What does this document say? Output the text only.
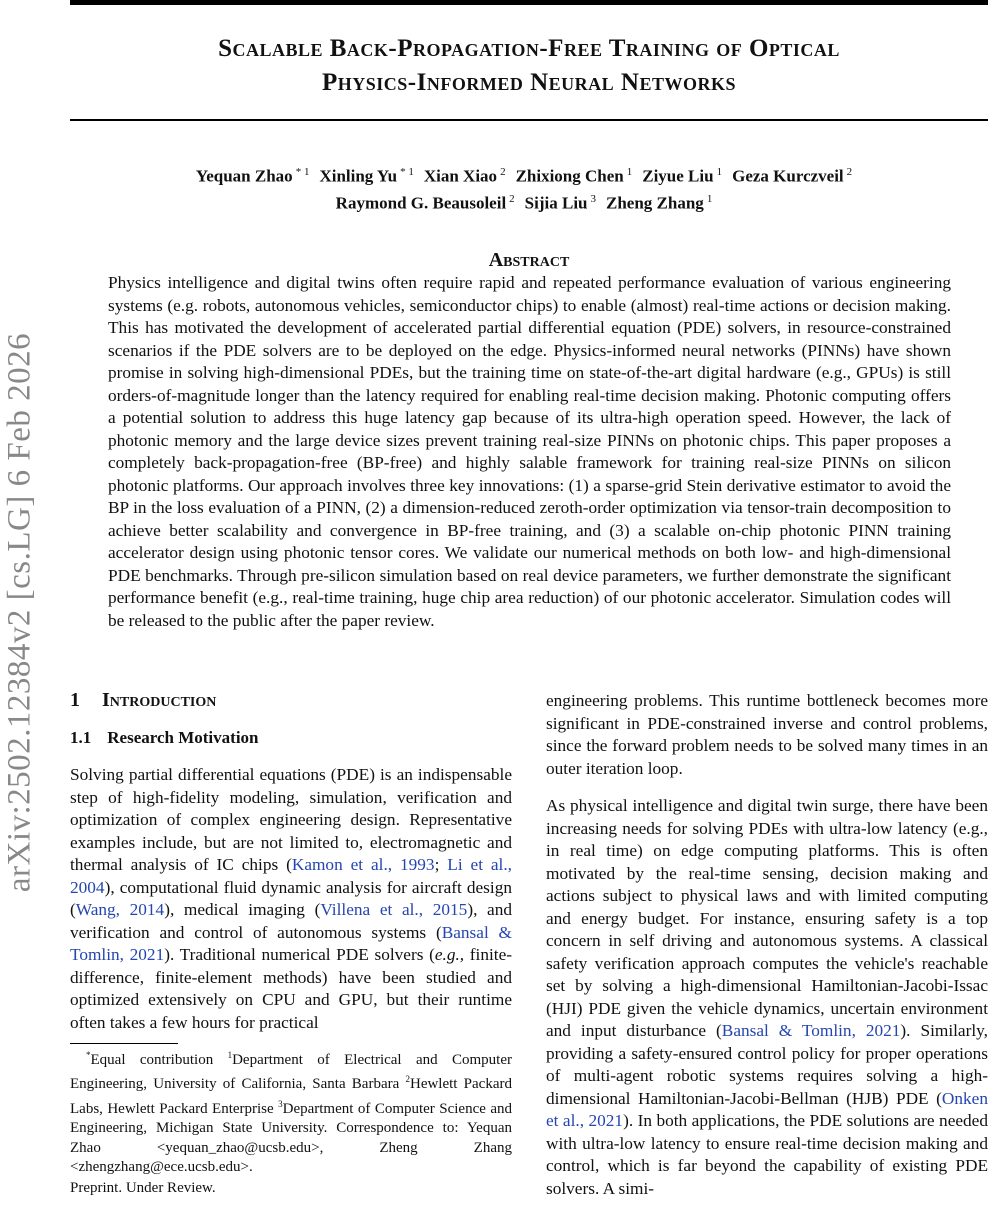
arXiv:2502.12384v2 [cs.LG] 6 Feb 2026
Scalable Back-Propagation-Free Training of Optical
Physics-Informed Neural Networks
Yequan Zhao $^{* 1}$ Xinling Yu $^{* 1}$ Xian Xiao $^2$ Zhixiong Chen $^1$ Ziyue Liu $^1$ Geza Kurczveil $^2$
Raymond G. Beausoleil $^2$ Sijia Liu $^3$ Zheng Zhang $^1$
Abstract
Physics intelligence and digital twins often require rapid and repeated performance evaluation of various engineering systems (e.g. robots, autonomous vehicles, semiconductor chips) to enable (almost) real-time actions or decision making. This has motivated the development of accelerated partial differential equation (PDE) solvers, in resource-constrained scenarios if the PDE solvers are to be deployed on the edge. Physics-informed neural networks (PINNs) have shown promise in solving high-dimensional PDEs, but the training time on state-of-the-art digital hardware (e.g., GPUs) is still orders-of-magnitude longer than the latency required for enabling real-time decision making. Photonic computing offers a potential solution to address this huge latency gap because of its ultra-high operation speed. However, the lack of photonic memory and the large device sizes prevent training real-size PINNs on photonic chips. This paper proposes a completely back-propagation-free (BP-free) and highly salable framework for training real-size PINNs on silicon photonic platforms. Our approach involves three key innovations: (1) a sparse-grid Stein derivative estimator to avoid the BP in the loss evaluation of a PINN, (2) a dimension-reduced zeroth-order optimization via tensor-train decomposition to achieve better scalability and convergence in BP-free training, and (3) a scalable on-chip photonic PINN training accelerator design using photonic tensor cores. We validate our numerical methods on both low- and high-dimensional PDE benchmarks. Through pre-silicon simulation based on real device parameters, we further demonstrate the significant performance benefit (e.g., real-time training, huge chip area reduction) of our photonic accelerator. Simulation codes will be released to the public after the paper review.
1 Introduction
1.1 Research Motivation

Solving partial differential equations (PDE) is an indispensable step of high-fidelity modeling, simulation, verification and optimization of complex engineering design. Representative examples include, but are not limited to, electromagnetic and thermal analysis of IC chips (Kamon et al., 1993; Li et al., 2004), computational fluid dynamic analysis for aircraft design (Wang, 2014), medical imaging (Villena et al., 2015), and verification and control of autonomous systems (Bansal & Tomlin, 2021). Traditional numerical PDE solvers (e.g., finite-difference, finite-element methods) have been studied and optimized extensively on CPU and GPU, but their runtime often takes a few hours for practical

engineering problems. This runtime bottleneck becomes more significant in PDE-constrained inverse and control problems, since the forward problem needs to be solved many times in an outer iteration loop.

As physical intelligence and digital twin surge, there have been increasing needs for solving PDEs with ultra-low latency (e.g., in real time) on edge computing platforms. This is often motivated by the real-time sensing, decision making and actions subject to physical laws and with limited computing and energy budget. For instance, ensuring safety is a top concern in self driving and autonomous systems. A classical safety verification approach computes the vehicle's reachable set by solving a high-dimensional Hamiltonian-Jacobi-Issac (HJI) PDE given the vehicle dynamics, uncertain environment and input disturbance (Bansal & Tomlin, 2021). Similarly, providing a safety-ensured control policy for proper operations of multi-agent robotic systems requires solving a high-dimensional Hamiltonian-Jacobi-Bellman (HJB) PDE (Onken et al., 2021). In both applications, the PDE solutions are needed with ultra-low latency to ensure real-time decision making and control, which is far beyond the capability of existing PDE solvers. A simi-

*Equal contribution $^1$Department of Electrical and Computer Engineering, University of California, Santa Barbara $^2$Hewlett Packard Labs, Hewlett Packard Enterprise $^3$Department of Computer Science and Engineering, Michigan State University. Correspondence to: Yequan Zhao <yequan_zhao@ucsb.edu>, Zheng Zhang <zhengzhang@ece.ucsb.edu>.
Preprint. Under Review.
